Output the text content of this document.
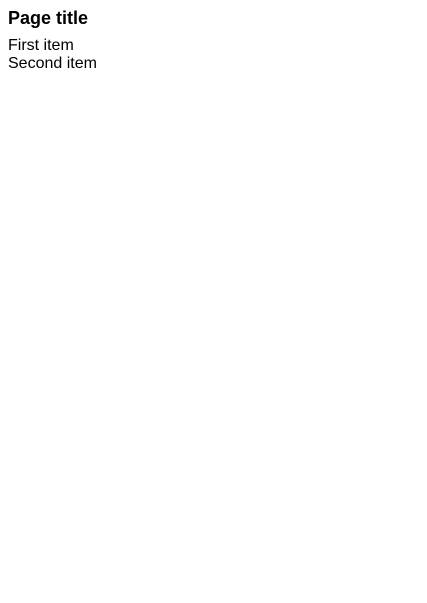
Page title
First item
Second item
